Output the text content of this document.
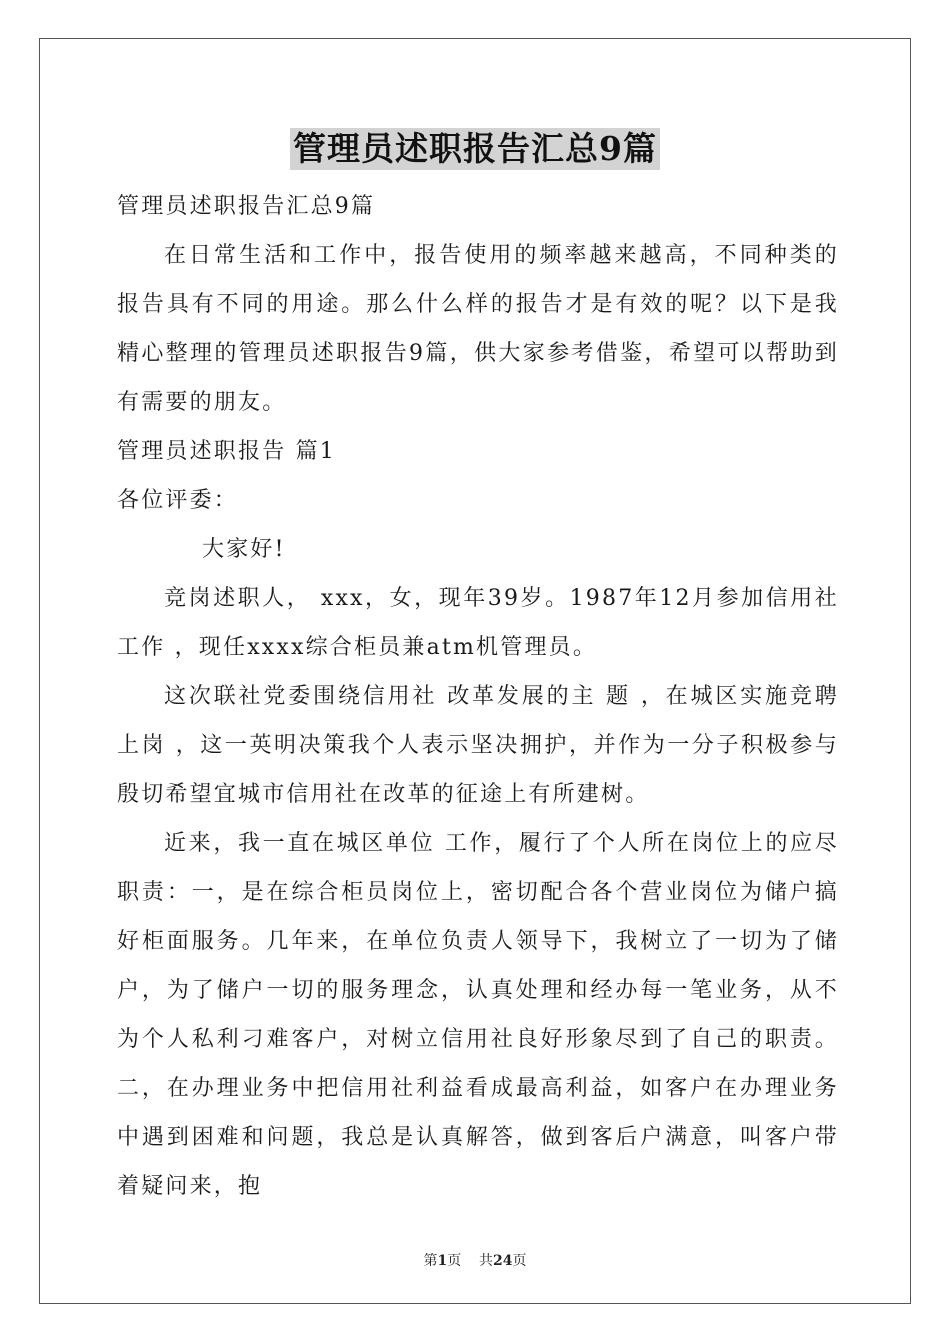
管理员述职报告汇总9篇

管理员述职报告汇总9篇

在日常生活和工作中，报告使用的频率越来越高，不同种类的报告具有不同的用途。那么什么样的报告才是有效的呢？以下是我精心整理的管理员述职报告9篇，供大家参考借鉴，希望可以帮助到有需要的朋友。

管理员述职报告 篇1

各位评委：

大家好!

竞岗述职人， xxx，女，现年39岁。1987年12月参加信用社工作 ，现任xxxx综合柜员兼atm机管理员。

这次联社党委围绕信用社 改革发展的主 题 ，在城区实施竞聘上岗 ，这一英明决策我个人表示坚决拥护，并作为一分子积极参与殷切希望宜城市信用社在改革的征途上有所建树。

近来，我一直在城区单位 工作，履行了个人所在岗位上的应尽职责：一，是在综合柜员岗位上，密切配合各个营业岗位为储户搞好柜面服务。几年来，在单位负责人领导下，我树立了一切为了储户，为了储户一切的服务理念，认真处理和经办每一笔业务，从不为个人私利刁难客户，对树立信用社良好形象尽到了自己的职责。二，在办理业务中把信用社利益看成最高利益，如客户在办理业务中遇到困难和问题，我总是认真解答，做到客后户满意，叫客户带着疑问来，抱

第1页    共24页
